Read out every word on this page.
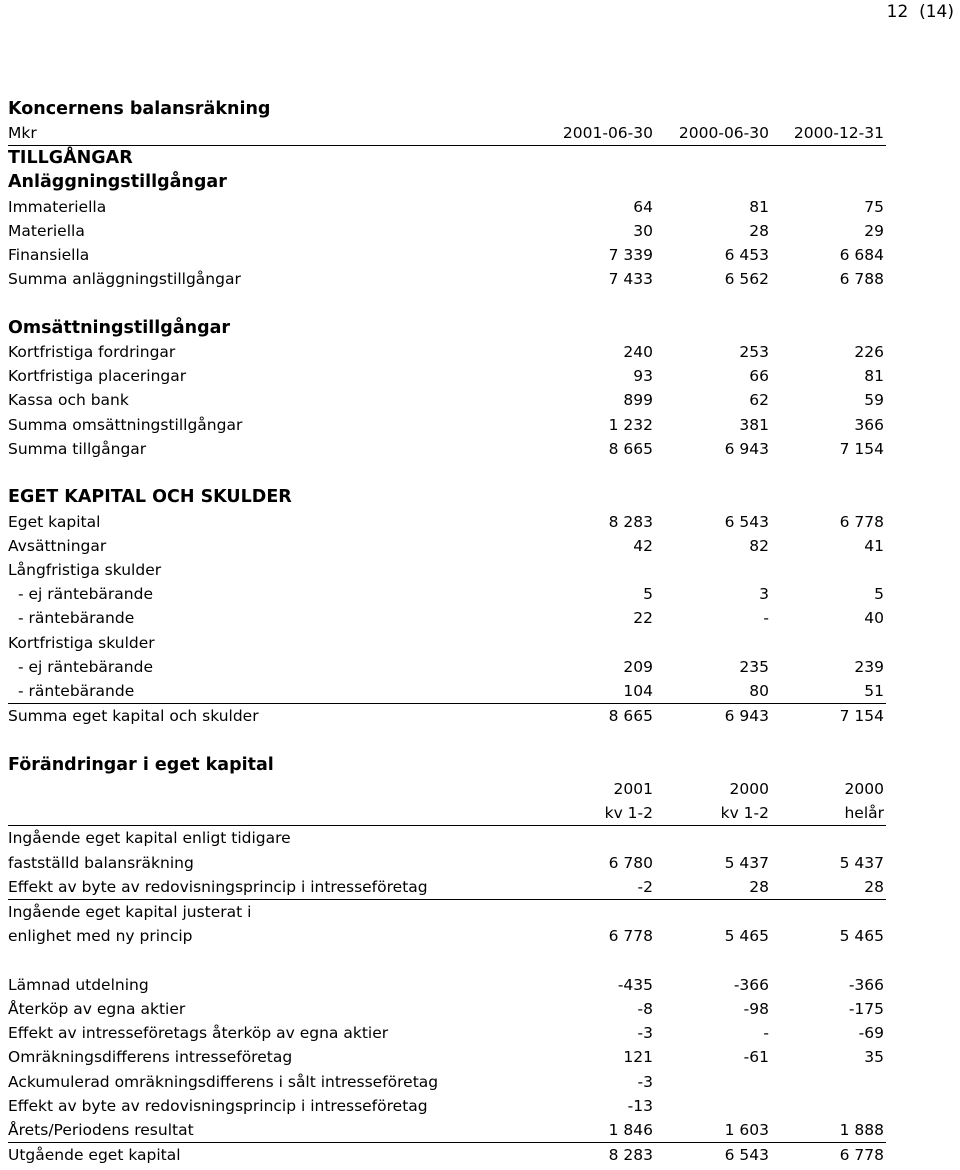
12 (14)
Koncernens balansräkning
Mkr	2001-06-30	2000-06-30	2000-12-31
TILLGÅNGAR
Anläggningstillgångar
Immateriella	64	81	75
Materiella	30	28	29
Finansiella	7 339	6 453	6 684
Summa anläggningstillgångar	7 433	6 562	6 788
Omsättningstillgångar
Kortfristiga fordringar	240	253	226
Kortfristiga placeringar	93	66	81
Kassa och bank	899	62	59
Summa omsättningstillgångar	1 232	381	366
Summa tillgångar	8 665	6 943	7 154
EGET KAPITAL OCH SKULDER
Eget kapital	8 283	6 543	6 778
Avsättningar	42	82	41
Långfristiga skulder
- ej räntebärande	5	3	5
- räntebärande	22	-	40
Kortfristiga skulder
- ej räntebärande	209	235	239
- räntebärande	104	80	51
Summa eget kapital och skulder	8 665	6 943	7 154
Förändringar i eget kapital
2001	2000	2000
kv 1-2	kv 1-2	helår
Ingående eget kapital enligt tidigare
fastställd balansräkning	6 780	5 437	5 437
Effekt av byte av redovisningsprincip i intresseföretag	-2	28	28
Ingående eget kapital justerat i
enlighet med ny princip	6 778	5 465	5 465
Lämnad utdelning	-435	-366	-366
Återköp av egna aktier	-8	-98	-175
Effekt av intresseföretags återköp av egna aktier	-3	-	-69
Omräkningsdifferens intresseföretag	121	-61	35
Ackumulerad omräkningsdifferens i sålt intresseföretag	-3
Effekt av byte av redovisningsprincip i intresseföretag	-13
Årets/Periodens resultat	1 846	1 603	1 888
Utgående eget kapital	8 283	6 543	6 778
